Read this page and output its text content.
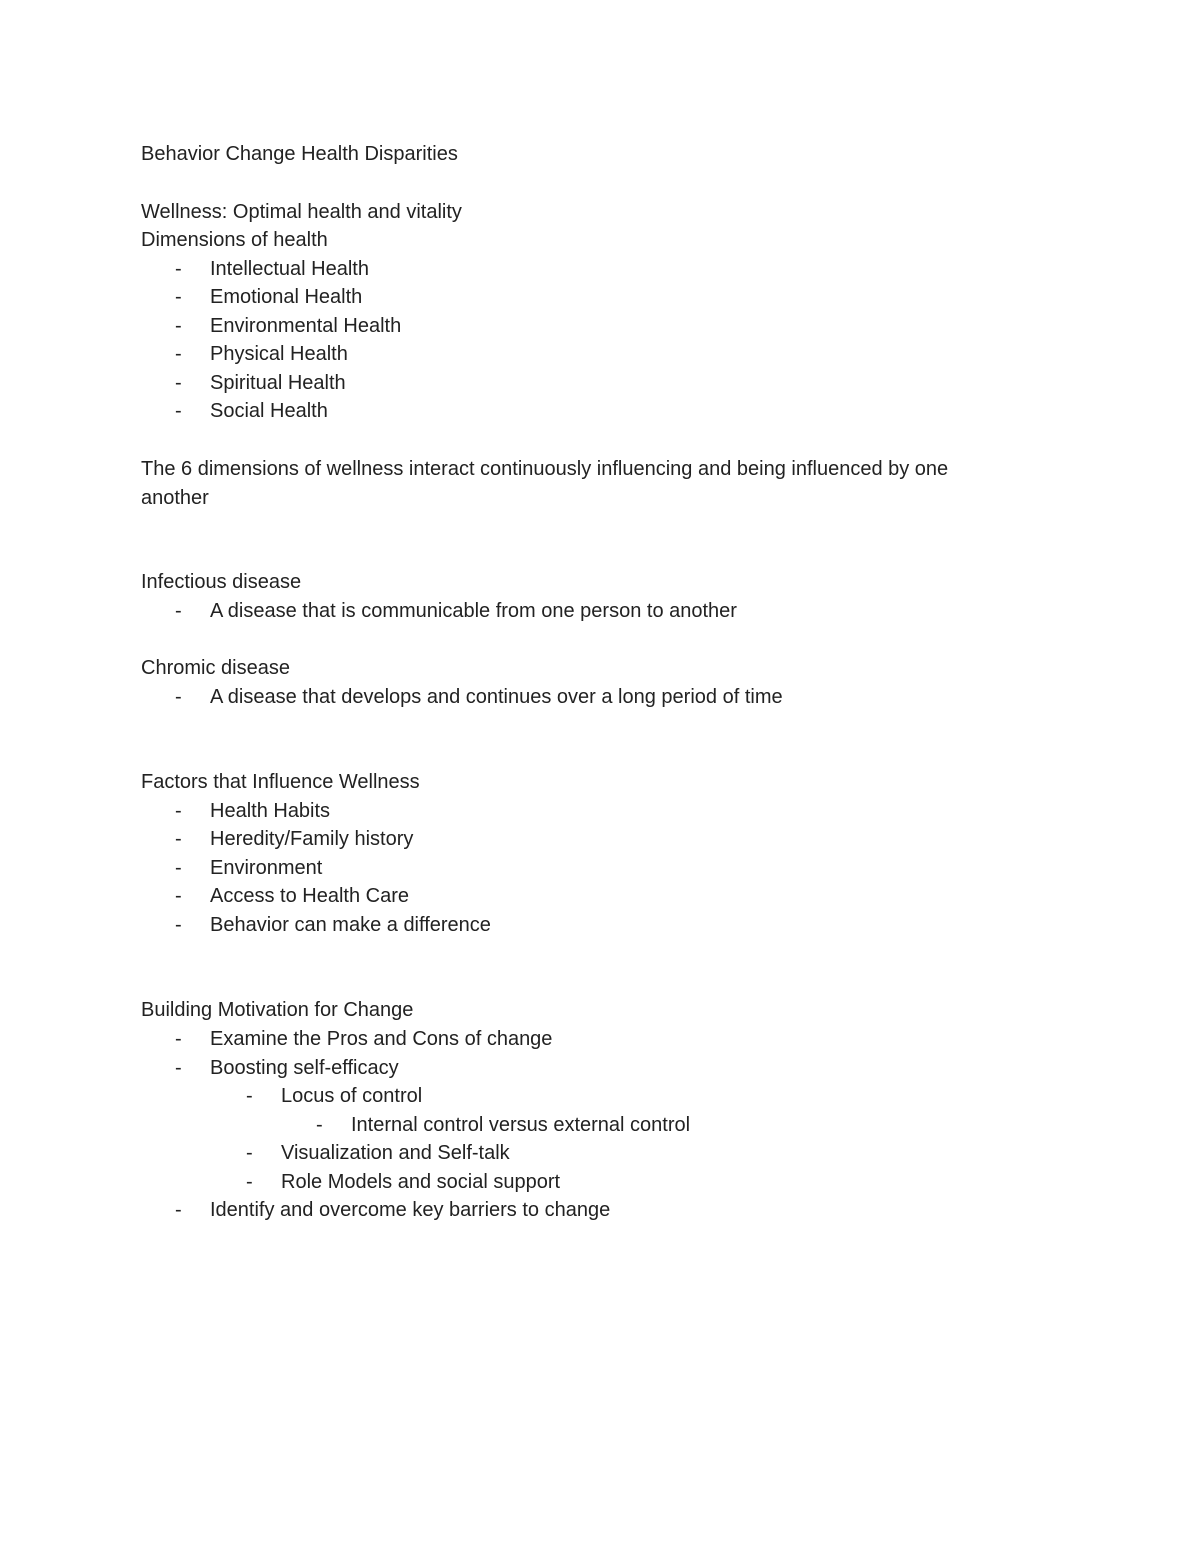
Behavior Change Health Disparities
Wellness: Optimal health and vitality
Dimensions of health
- Intellectual Health
- Emotional Health
- Environmental Health
- Physical Health
- Spiritual Health
- Social Health
The 6 dimensions of wellness interact continuously influencing and being influenced by one
another
Infectious disease
- A disease that is communicable from one person to another
Chromic disease
- A disease that develops and continues over a long period of time
Factors that Influence Wellness
- Health Habits
- Heredity/Family history
- Environment
- Access to Health Care
- Behavior can make a difference
Building Motivation for Change
- Examine the Pros and Cons of change
- Boosting self-efficacy
- Locus of control
- Internal control versus external control
- Visualization and Self-talk
- Role Models and social support
- Identify and overcome key barriers to change
